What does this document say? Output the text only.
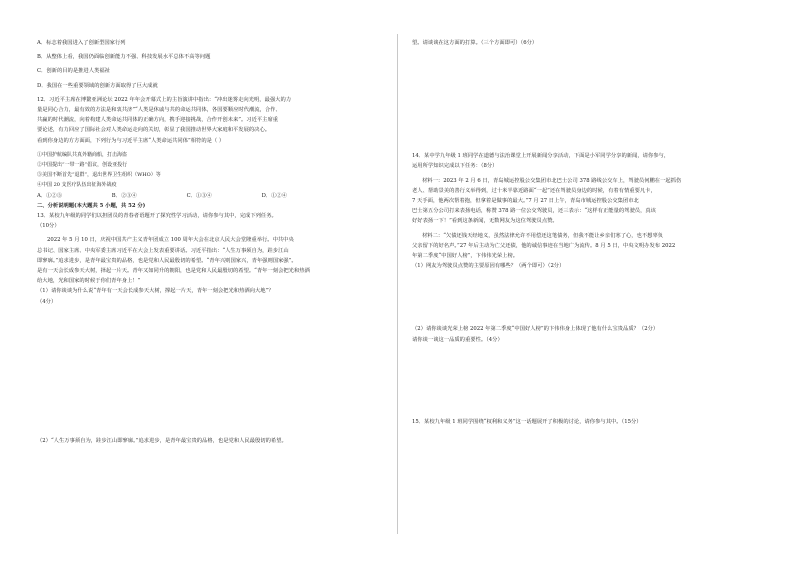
A．标志着我国进入了创新型国家行列

B．从整体上看，我国仍面临创新能力不强、科技发展水平总体不高等问题

C．创新的目的是推进人类福祉

D．我国在一些重要领域的创新方面取得了巨大成就

12．习近平主席在博鳌亚洲论坛 2022 年年会开幕式上的主旨演讲中指出：“冲出迷雾走向光明，最强大的力

量是同心合力，最有效的方法是和衷共济”“人类是休戚与共的命运共同体，各国要顺应时代潮流，合作、

共赢的时代潮流，向着构建人类命运共同体的正确方向，携手迎接挑战，合作开创未来”。习近平主席重

要论述，有力回应了国际社会对人类命运走向的关切，彰显了我国推动世界大家庭和平发展的决心。

看到你身边的方方面面，下列行为与习近平主席“人类命运共同体”相符的是（ ）

①中国护航编队共真外籍商船，打击海盗

②中国提出“一带一路”倡议，创设亚投行

③美国不断首先“退群”，退出世界卫生组织（WHO）等

④中国 20 支医疗队伍出征海外战疫

A．①②③	B．②③④	C．①③④	D．①②④

二、分析说明题(本大题共 5 小题，共 52 分)

13．某校九年级的同学们以担团员的青春者语题开了探究性学习活动，请你参与其中，完成下列任务。

（10分）

2022 年 5 月 10 日，庆祝中国共产主义青年团成立 100 周年大会在北京人民大会堂隆重举行。中共中央

总书记、国家主席、中央军委主席习近平在大会上发表重要讲话。习近平指出：“人生万事须自为，跬步江山

即寥廓。”追求进步，是青年最宝贵的品格，也是党和人民最殷切的希望。“青年兴则国家兴，青年强则国家强”。

是有一天会长成参天大树，择起一片天。青年又如同升的朝阳，也是党和人民最殷切的希望。“青年一刻会把光和热洒

给大地，光和国家的时候于你们青年身上！”

（1）请你谈谈为什么说“青年有一天会长成参天大树，撑起一片天，青年一刻会把光和热洒向大地”？

（4分）

（2）“人生万事须自为，跬步江山即寥廓。”追求进步，是青年最宝贵的品格，也是党和人民最殷切的希望。

望。请谈谈在这方面的打算。（三个方面即可）（6分）

14．某中学九年级 1 班同学在道德与法治课堂上开展新闻分享活动，下面是小军同学分享的新闻，请你参与，

运用所学知识完成以下任务：（8分）

材料一：2023 年 2 月 6 日，青岛城运控股公交集团市北巴士公司 378 路线公交车上，驾驶员何鹏在一起抓伤

老人、帮助景美的善行义举得到，过十米半靠近路面“一起”还在驾驶员身边的时候，有着有情重要凡卡，

7 天手面，他两次帮着抱，但拿着是做事的最大。”7 月 27 日上午，青岛市城运控股公交集团市北

巴士第五分公司打来表扬电话，称赞 378 路一位公交驾驶员，还三表示：“这样有正能量的驾驶员，真该

好好表扬一下！”看到这条新闻，无数网友为这位驾驶员点赞。

材料二：“欠债还钱天经地义，虽然法律允许不用偿还这笔债务，但我不能让乡亲们寒了心，也不想辜负

父亲留下的好名声。”27 年后主动为亡父还债，他的诚信事迹在当地广为流传。8 月 5 日，中央文明办发布 2022

年第二季度“中国好人榜”，卞伟伟光荣上榜。

（1）网友为驾驶员点赞的主要原因有哪些？（两个即可）（2分）

（2）请你谈谈光荣上榜 2022 年第二季度“中国好人榜”的卞伟伟身上体现了他有什么宝贵品质？（2分）

请你谈一谈这一品质的重要性。（4分）

15．某校九年级 1 班同学围绕“权利和义务”这一话题展开了积极的讨论，请你参与其中。（15分）
